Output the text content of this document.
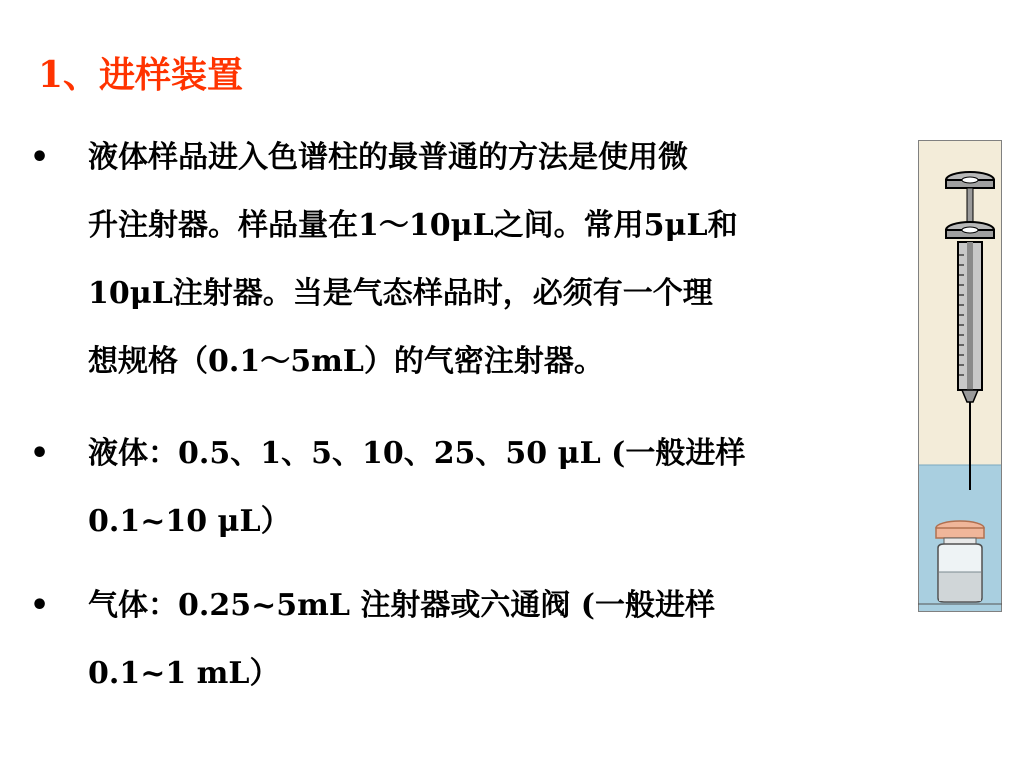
1、进样装置
•	液体样品进入色谱柱的最普通的方法是使用微
升注射器。样品量在1～10μL之间。常用5μL和
10μL注射器。当是气态样品时，必须有一个理
想规格（0.1～5mL）的气密注射器。

•	液体：0.5、1、5、10、25、50 μL (一般进样
0.1~10 μL）

•	气体：0.25~5mL 注射器或六通阀 (一般进样
0.1~1 mL）
